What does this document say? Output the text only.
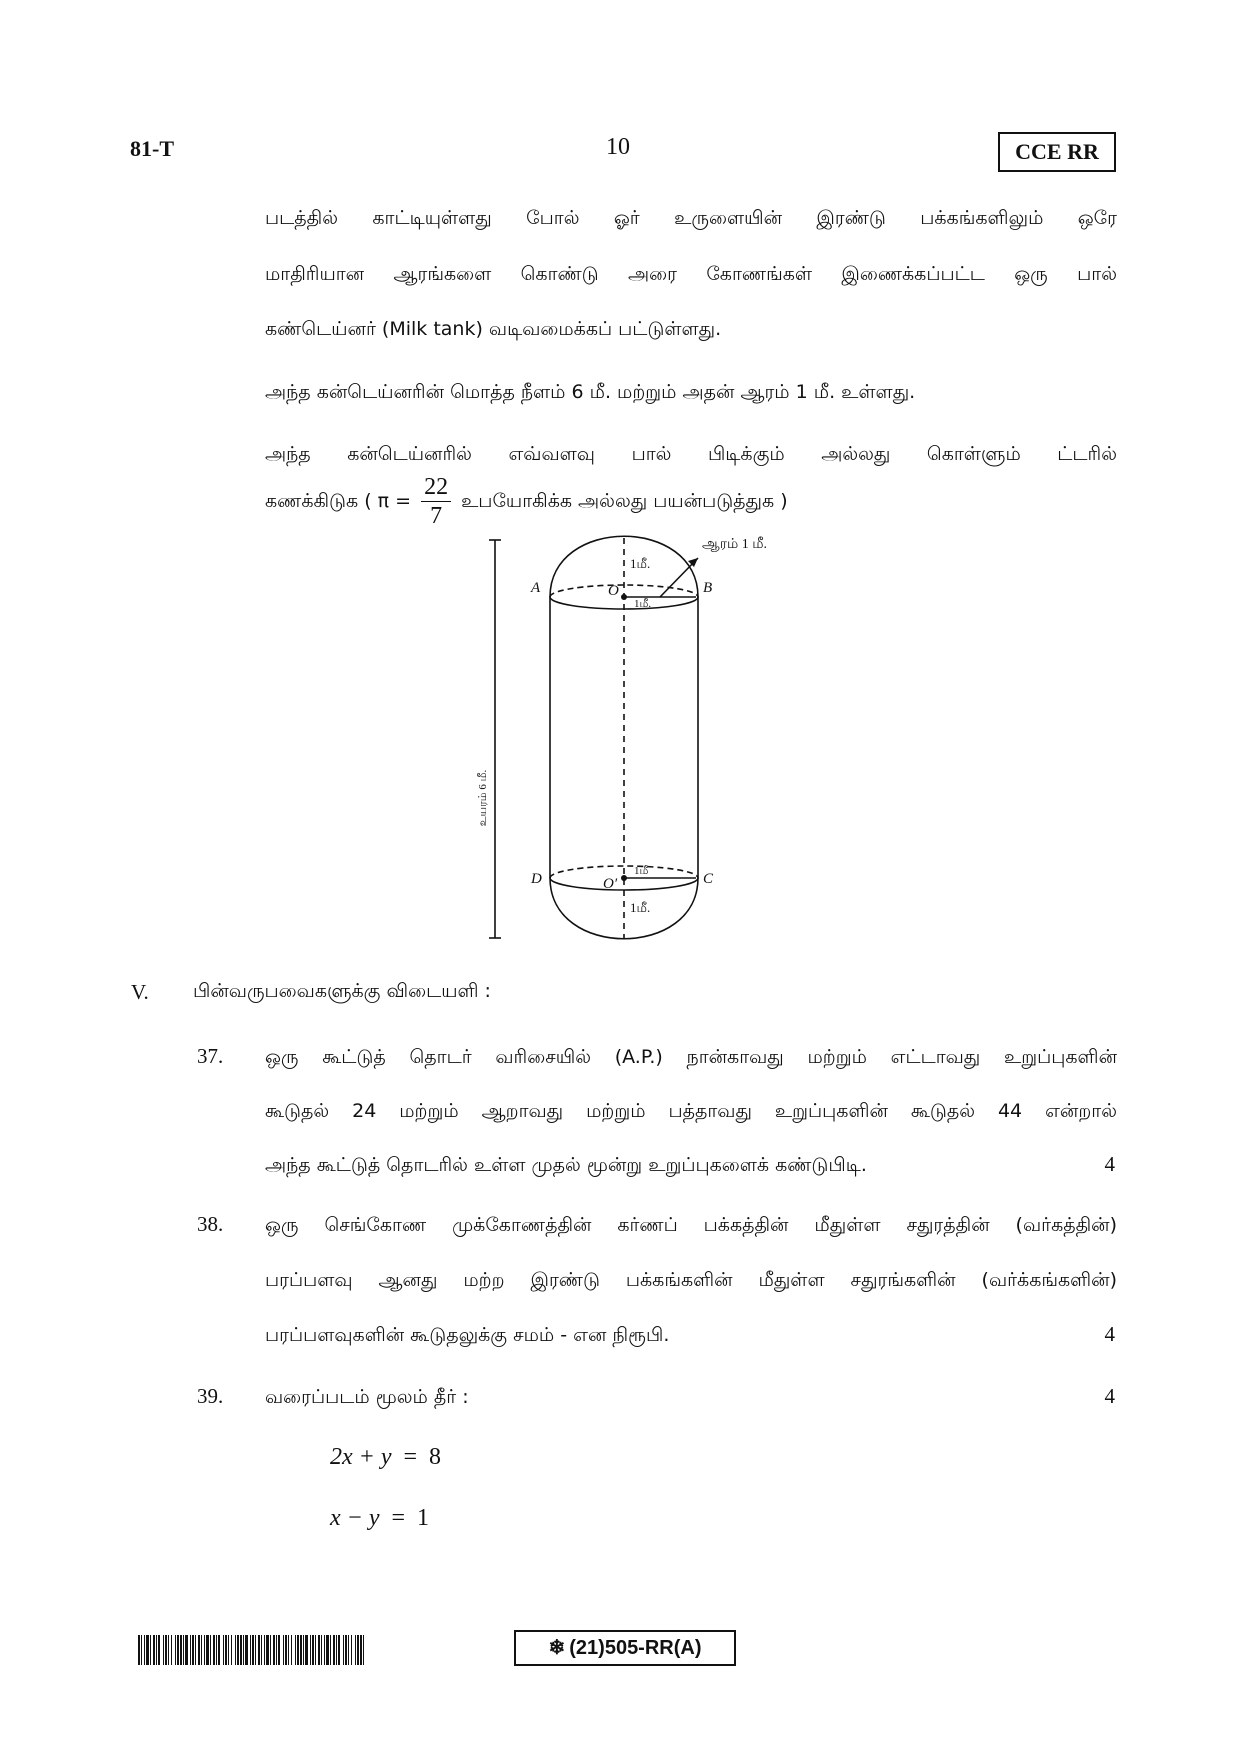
81-T	10	CCE RR
படத்தில் காட்டியுள்ளது போல் ஓர் உருளையின் இரண்டு பக்கங்களிலும் ஒரே
மாதிரியான ஆரங்களை கொண்டு அரை கோணங்கள் இணைக்கப்பட்ட ஒரு பால்
கண்டெய்னர் (Milk tank) வடிவமைக்கப் பட்டுள்ளது.
அந்த கன்டெய்னரின் மொத்த நீளம் 6 மீ. மற்றும் அதன் ஆரம் 1 மீ. உள்ளது.
அந்த கன்டெய்னரில் எவ்வளவு பால் பிடிக்கும் அல்லது கொள்ளும் ட்டரில்
கணக்கிடுக ( $\pi = \frac{22}{7}$ உபயோகிக்க அல்லது பயன்படுத்துக )
ஆரம் 1 மீ.
1மீ.
1மீ.
1மீ
1மீ.
A	B
C
D
O
O′
உயரம் 6 மீ.
V. பின்வருபவைகளுக்கு விடையளி :
37. ஒரு கூட்டுத் தொடர் வரிசையில் (A.P.) நான்காவது மற்றும் எட்டாவது உறுப்புகளின்
கூடுதல் 24 மற்றும் ஆறாவது மற்றும் பத்தாவது உறுப்புகளின் கூடுதல் 44 என்றால்
அந்த கூட்டுத் தொடரில் உள்ள முதல் மூன்று உறுப்புகளைக் கண்டுபிடி.	4
38. ஒரு செங்கோண முக்கோணத்தின் கர்ணப் பக்கத்தின் மீதுள்ள சதுரத்தின் (வர்கத்தின்)
பரப்பளவு ஆனது மற்ற இரண்டு பக்கங்களின் மீதுள்ள சதுரங்களின் (வர்க்கங்களின்)
பரப்பளவுகளின் கூடுதலுக்கு சமம் - என நிரூபி.	4
39. வரைப்படம் மூலம் தீர் :	4
2x + y = 8
x − y = 1
❄ (21)505-RR(A)
